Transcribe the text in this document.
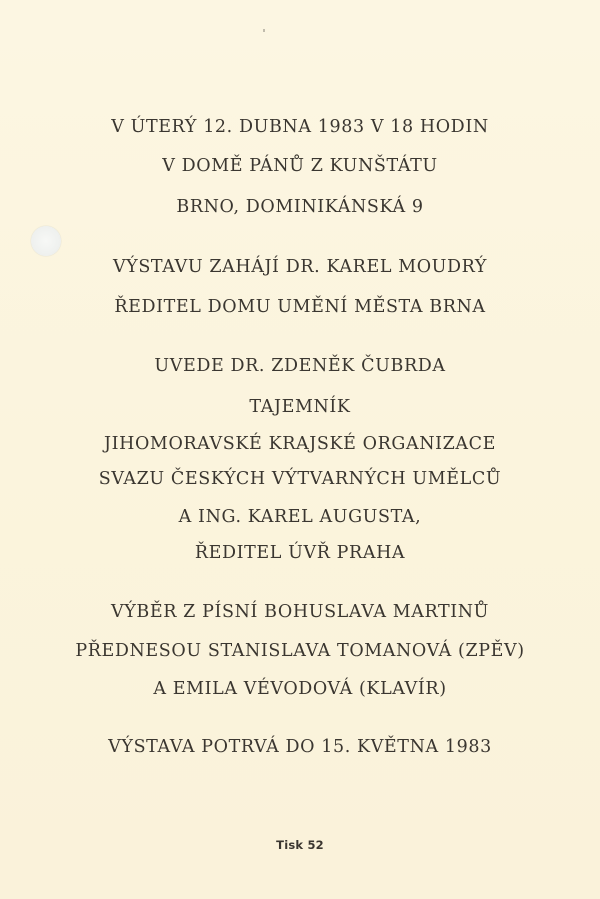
V ÚTERÝ 12. DUBNA 1983 V 18 HODIN
V DOMĚ PÁNŮ Z KUNŠTÁTU
BRNO, DOMINIKÁNSKÁ 9
VÝSTAVU ZAHÁJÍ DR. KAREL MOUDRÝ
ŘEDITEL DOMU UMĚNÍ MĚSTA BRNA
UVEDE DR. ZDENĚK ČUBRDA
TAJEMNÍK
JIHOMORAVSKÉ KRAJSKÉ ORGANIZACE
SVAZU ČESKÝCH VÝTVARNÝCH UMĚLCŮ
A ING. KAREL AUGUSTA,
ŘEDITEL ÚVŘ PRAHA
VÝBĚR Z PÍSNÍ BOHUSLAVA MARTINŮ
PŘEDNESOU STANISLAVA TOMANOVÁ (ZPĚV)
A EMILA VÉVODOVÁ (KLAVÍR)
VÝSTAVA POTRVÁ DO 15. KVĚTNA 1983
Tisk 52
